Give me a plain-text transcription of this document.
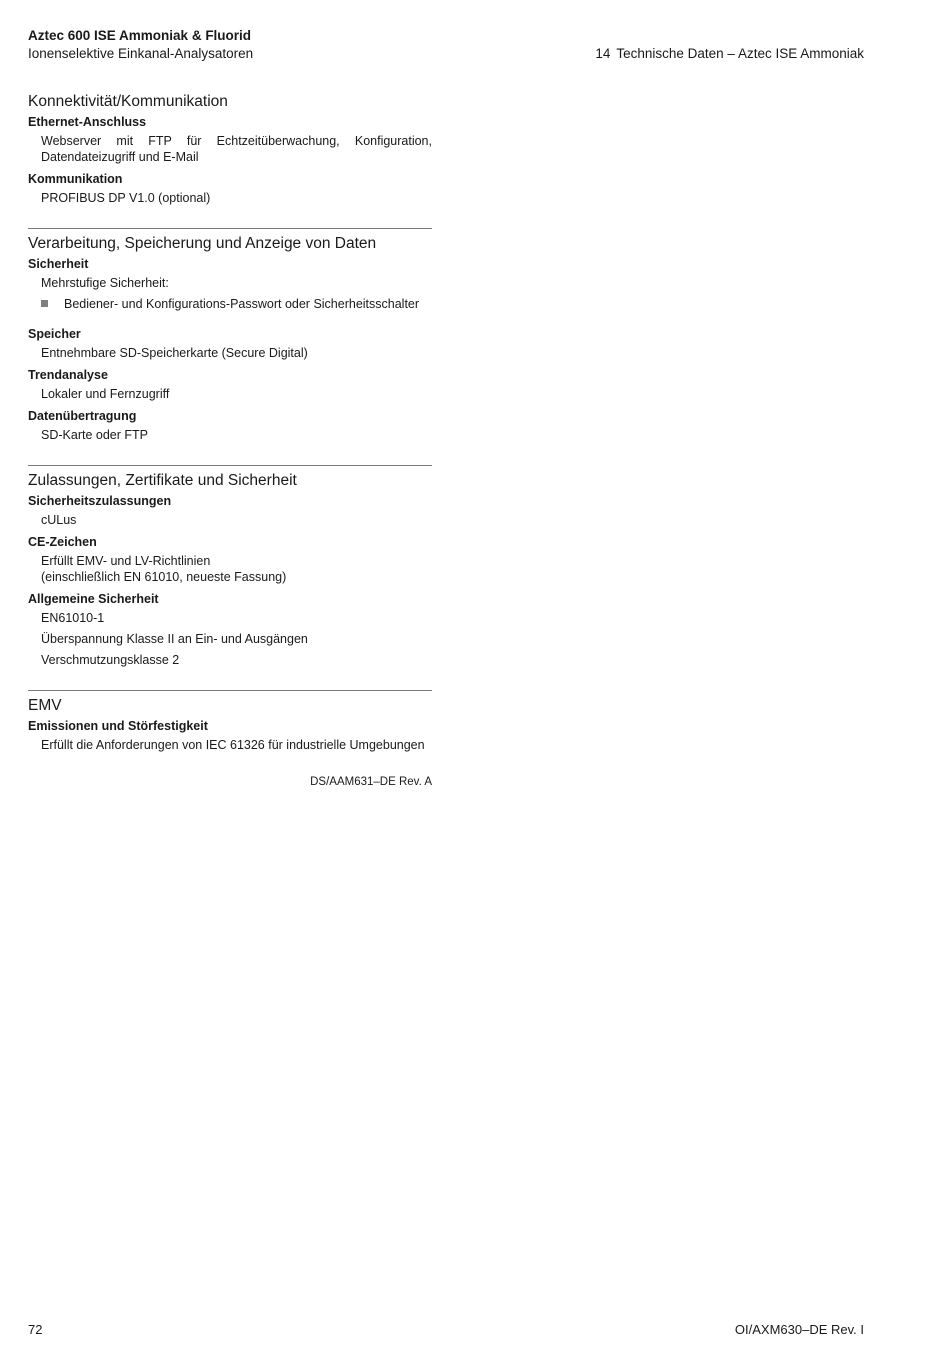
Aztec 600 ISE Ammoniak & Fluorid
Ionenselektive Einkanal-Analysatoren	14 Technische Daten – Aztec ISE Ammoniak
Konnektivität/Kommunikation
Ethernet-Anschluss
Webserver mit FTP für Echtzeitüberwachung, Konfiguration, Datendateizugriff und E-Mail
Kommunikation
PROFIBUS DP V1.0 (optional)
Verarbeitung, Speicherung und Anzeige von Daten
Sicherheit
Mehrstufige Sicherheit:
Bediener- und Konfigurations-Passwort oder Sicherheitsschalter
Speicher
Entnehmbare SD-Speicherkarte (Secure Digital)
Trendanalyse
Lokaler und Fernzugriff
Datenübertragung
SD-Karte oder FTP
Zulassungen, Zertifikate und Sicherheit
Sicherheitszulassungen
cULus
CE-Zeichen
Erfüllt EMV- und LV-Richtlinien
(einschließlich EN 61010, neueste Fassung)
Allgemeine Sicherheit
EN61010-1
Überspannung Klasse II an Ein- und Ausgängen
Verschmutzungsklasse 2
EMV
Emissionen und Störfestigkeit
Erfüllt die Anforderungen von IEC 61326 für industrielle Umgebungen
DS/AAM631–DE Rev. A
72	OI/AXM630–DE Rev. I
